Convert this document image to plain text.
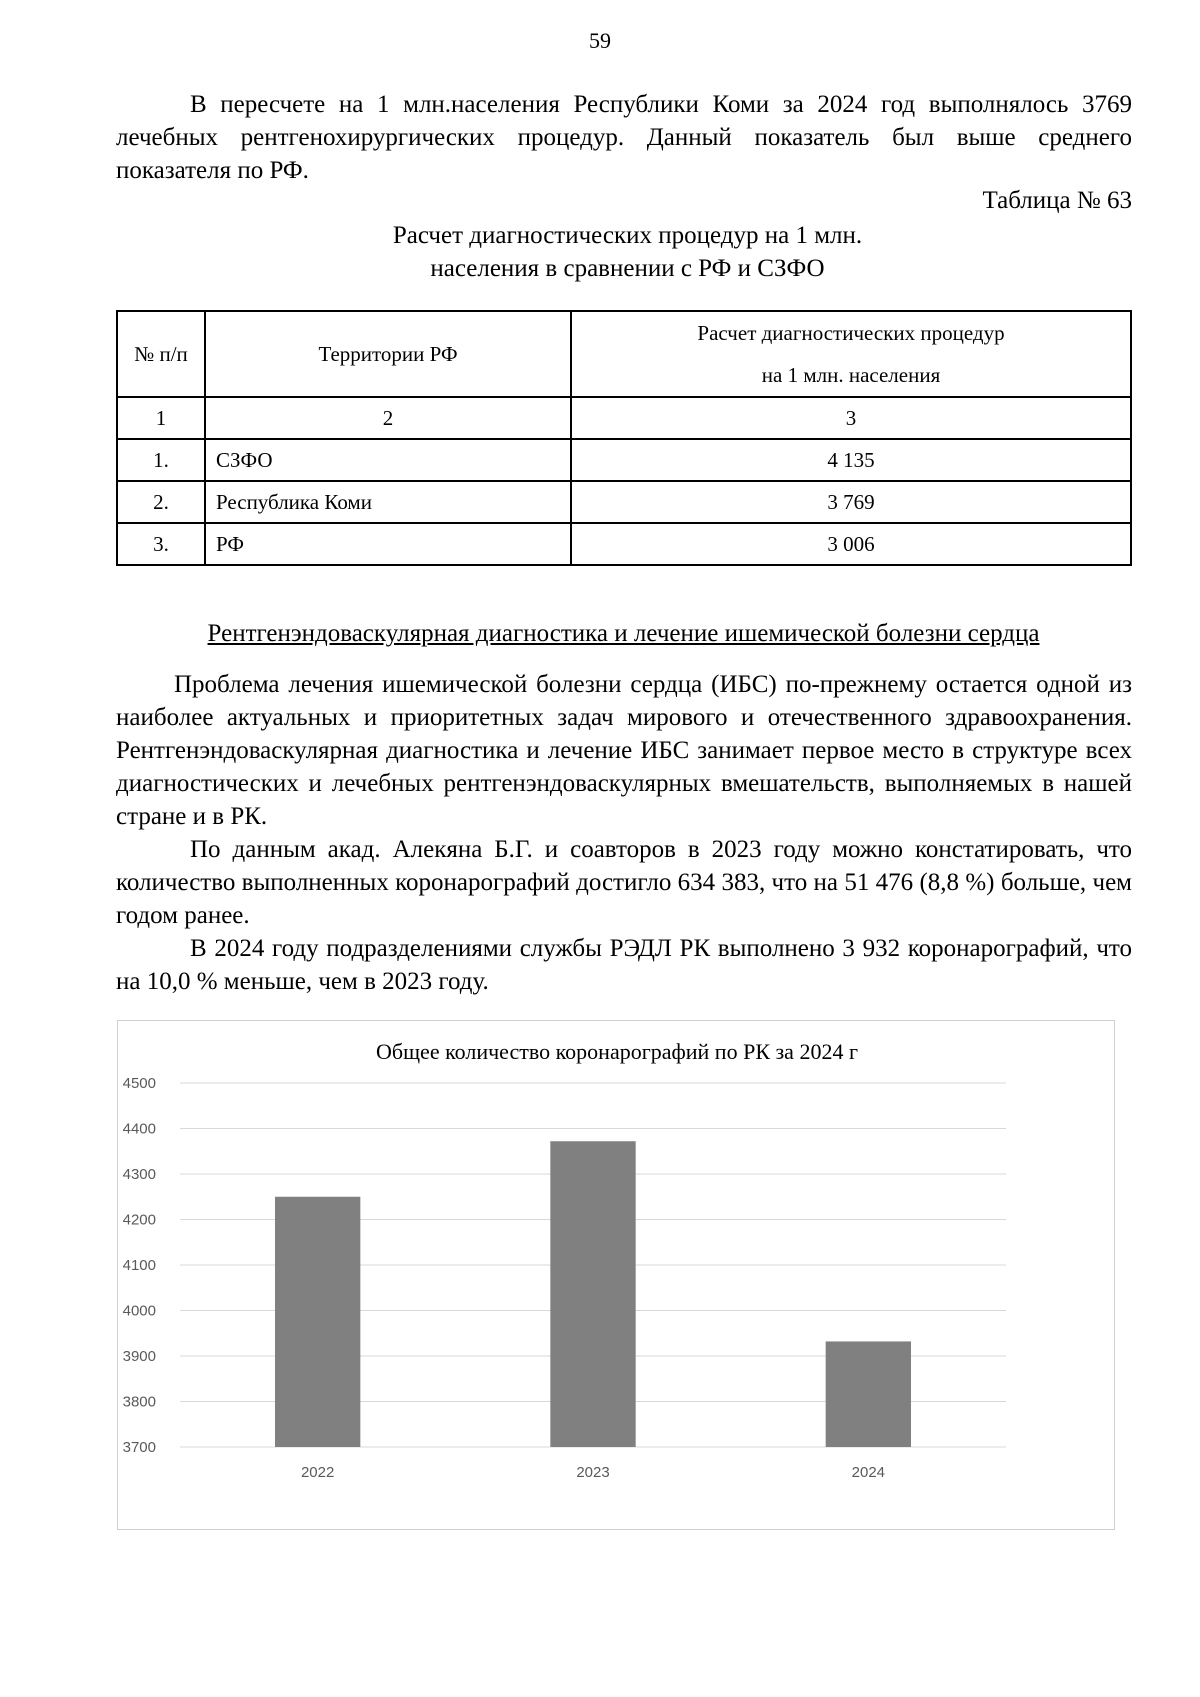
59

В пересчете на 1 млн.населения Республики Коми за 2024 год выполнялось 3769 лечебных рентгенохирургических процедур. Данный показатель был выше среднего показателя по РФ.

Таблица № 63
Расчет диагностических процедур на 1 млн.
населения в сравнении с РФ и СЗФО
№ п/п	Территории РФ	Расчет диагностических процедур
на 1 млн. населения

1	2	3
1.	СЗФО	4 135
2.	Республика Коми	3 769
3.	РФ	3 006
Рентгенэндоваскулярная диагностика и лечение ишемической болезни сердца

Проблема лечения ишемической болезни сердца (ИБС) по-прежнему остается одной из наиболее актуальных и приоритетных задач мирового и отечественного здравоохранения. Рентгенэндоваскулярная диагностика и лечение ИБС занимает первое место в структуре всех диагностических и лечебных рентгенэндоваскулярных вмешательств, выполняемых в нашей стране и в РК.

По данным акад. Алекяна Б.Г. и соавторов в 2023 году можно констатировать, что количество выполненных коронарографий достигло 634 383, что на 51 476 (8,8 %) больше, чем годом ранее.

В 2024 году подразделениями службы РЭДЛ РК выполнено 3 932 коронарографий, что на 10,0 % меньше, чем в 2023 году.

Общее количество коронарографий по РК за 2024 г
3700
3800
3900
4000
4100
4200
4300
4400
4500
2022	2023	2024
